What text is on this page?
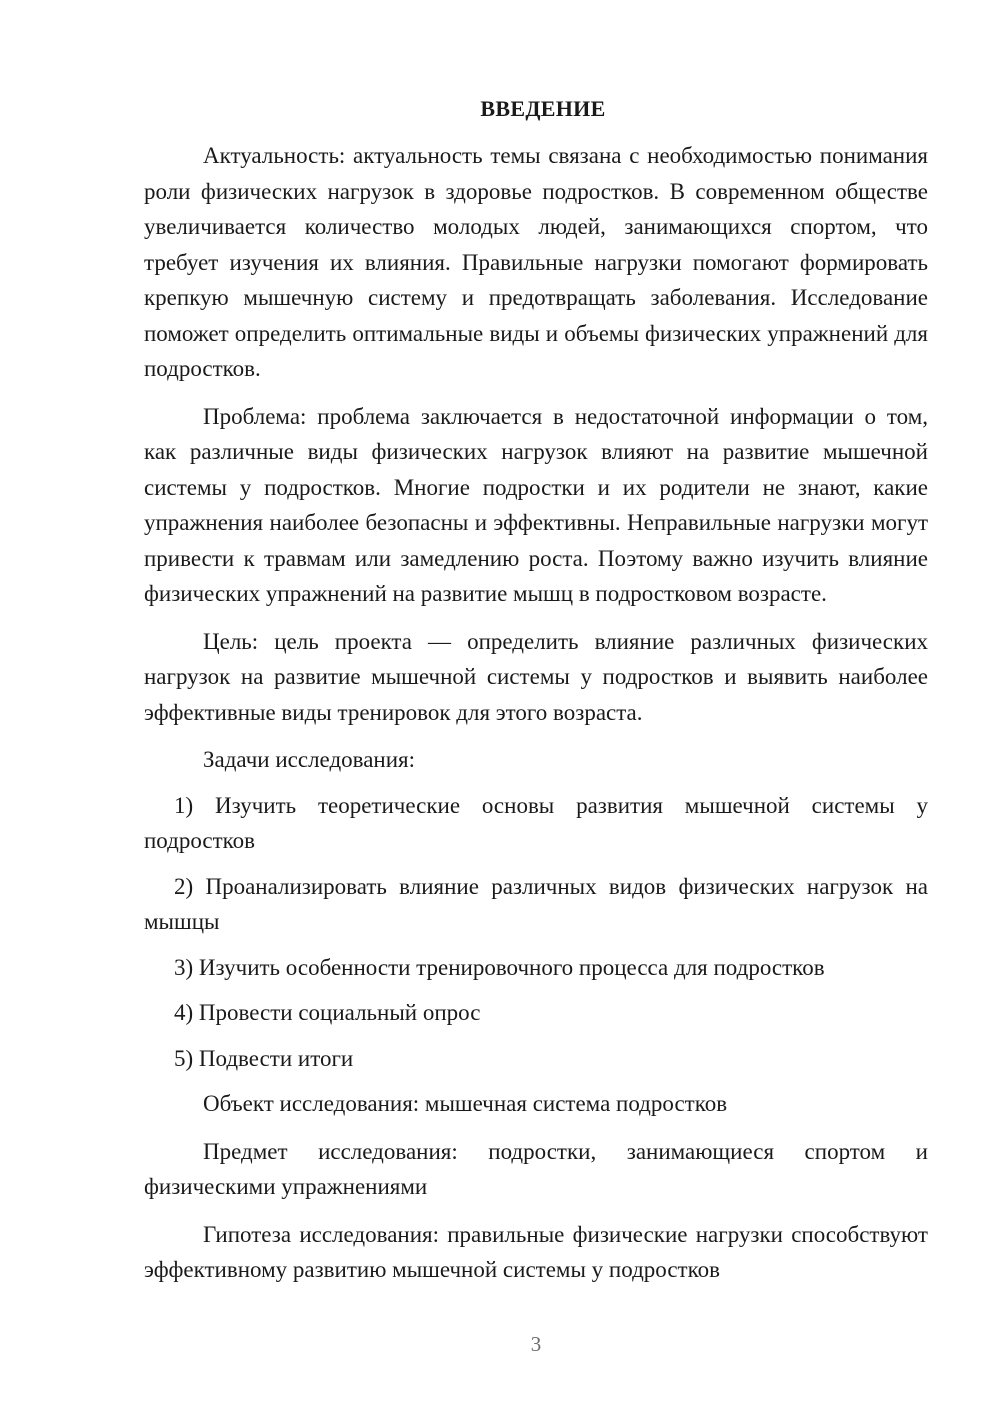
ВВЕДЕНИЕ

Актуальность: актуальность темы связана с необходимостью понимания роли физических нагрузок в здоровье подростков. В современном обществе увеличивается количество молодых людей, занимающихся спортом, что требует изучения их влияния. Правильные нагрузки помогают формировать крепкую мышечную систему и предотвращать заболевания. Исследование поможет определить оптимальные виды и объемы физических упражнений для подростков.

Проблема: проблема заключается в недостаточной информации о том, как различные виды физических нагрузок влияют на развитие мышечной системы у подростков. Многие подростки и их родители не знают, какие упражнения наиболее безопасны и эффективны. Неправильные нагрузки могут привести к травмам или замедлению роста. Поэтому важно изучить влияние физических упражнений на развитие мышц в подростковом возрасте.

Цель: цель проекта — определить влияние различных физических нагрузок на развитие мышечной системы у подростков и выявить наиболее эффективные виды тренировок для этого возраста.

Задачи исследования:

1) Изучить теоретические основы развития мышечной системы у подростков

2) Проанализировать влияние различных видов физических нагрузок на мышцы

3) Изучить особенности тренировочного процесса для подростков

4) Провести социальный опрос

5) Подвести итоги

Объект исследования: мышечная система подростков

Предмет исследования: подростки, занимающиеся спортом и физическими упражнениями

Гипотеза исследования: правильные физические нагрузки способствуют эффективному развитию мышечной системы у подростков

3
